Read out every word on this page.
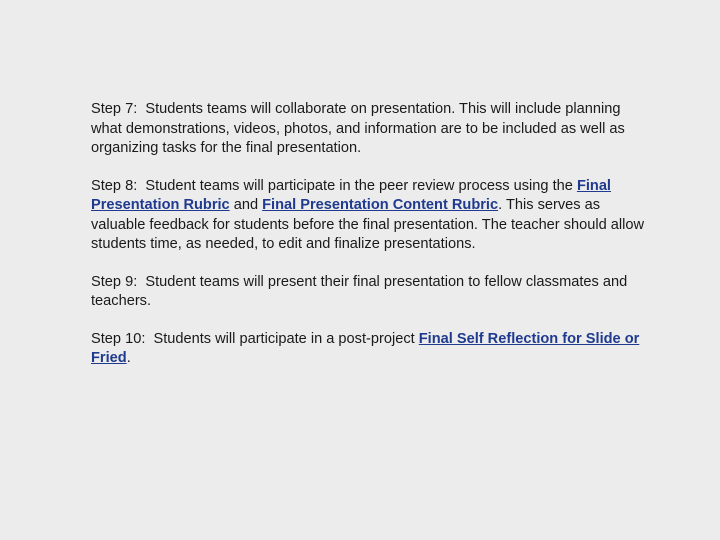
Step 7: Students teams will collaborate on presentation. This will include planning what demonstrations, videos, photos, and information are to be included as well as organizing tasks for the final presentation.

Step 8: Student teams will participate in the peer review process using the Final Presentation Rubric and Final Presentation Content Rubric. This serves as valuable feedback for students before the final presentation. The teacher should allow students time, as needed, to edit and finalize presentations.

Step 9: Student teams will present their final presentation to fellow classmates and teachers.

Step 10: Students will participate in a post-project Final Self Reflection for Slide or Fried.
